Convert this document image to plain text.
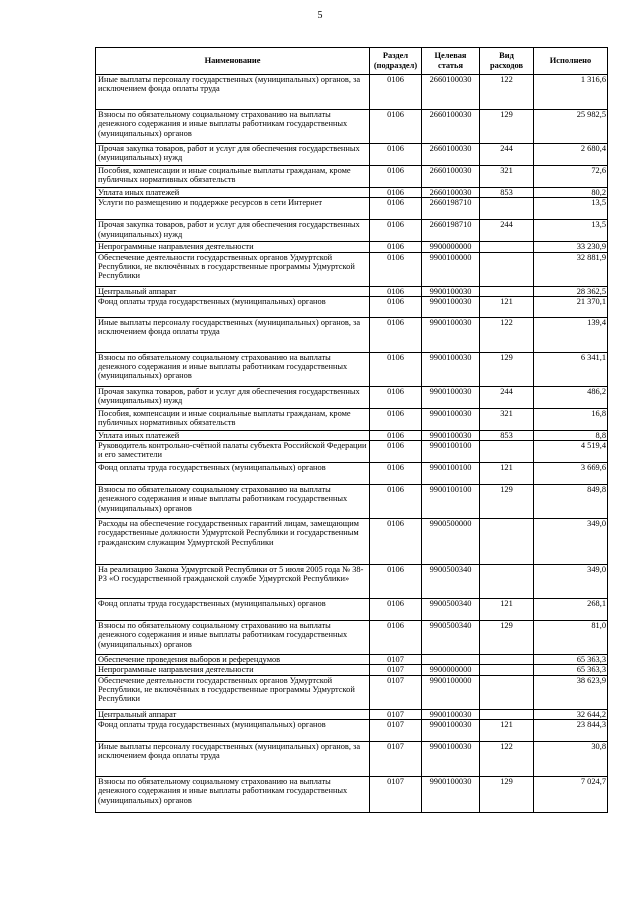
5
Наименование	Раздел (подраздел)	Целевая статья	Вид расходов	Исполнено
Иные выплаты персоналу государственных (муниципальных) органов, за исключением фонда оплаты труда	0106	2660100030	122	1 316,6
Взносы по обязательному социальному страхованию на выплаты денежного содержания и иные выплаты работникам государственных (муниципальных) органов	0106	2660100030	129	25 982,5
Прочая закупка товаров, работ и услуг для обеспечения государственных (муниципальных) нужд	0106	2660100030	244	2 680,4
Пособия, компенсации и иные социальные выплаты гражданам, кроме публичных нормативных обязательств	0106	2660100030	321	72,6
Уплата иных платежей	0106	2660100030	853	80,2
Услуги по размещению и поддержке ресурсов в сети Интернет	0106	2660198710		13,5
Прочая закупка товаров, работ и услуг для обеспечения государственных (муниципальных) нужд	0106	2660198710	244	13,5
Непрограммные направления деятельности	0106	9900000000		33 230,9
Обеспечение деятельности государственных органов Удмуртской Республики, не включённых в государственные программы Удмуртской Республики	0106	9900100000		32 881,9
Центральный аппарат	0106	9900100030		28 362,5
Фонд оплаты труда государственных (муниципальных) органов	0106	9900100030	121	21 370,1
Иные выплаты персоналу государственных (муниципальных) органов, за исключением фонда оплаты труда	0106	9900100030	122	139,4
Взносы по обязательному социальному страхованию на выплаты денежного содержания и иные выплаты работникам государственных (муниципальных) органов	0106	9900100030	129	6 341,1
Прочая закупка товаров, работ и услуг для обеспечения государственных (муниципальных) нужд	0106	9900100030	244	486,2
Пособия, компенсации и иные социальные выплаты гражданам, кроме публичных нормативных обязательств	0106	9900100030	321	16,8
Уплата иных платежей	0106	9900100030	853	8,8
Руководитель контрольно-счётной палаты субъекта Российской Федерации и его заместители	0106	9900100100		4 519,4
Фонд оплаты труда государственных (муниципальных) органов	0106	9900100100	121	3 669,6
Взносы по обязательному социальному страхованию на выплаты денежного содержания и иные выплаты работникам государственных (муниципальных) органов	0106	9900100100	129	849,8
Расходы на обеспечение государственных гарантий лицам, замещающим государственные должности Удмуртской Республики и государственным гражданским служащим Удмуртской Республики	0106	9900500000		349,0
На реализацию Закона Удмуртской Республики от 5 июля 2005 года № 38-РЗ «О государственной гражданской службе Удмуртской Республики»	0106	9900500340		349,0
Фонд оплаты труда государственных (муниципальных) органов	0106	9900500340	121	268,1
Взносы по обязательному социальному страхованию на выплаты денежного содержания и иные выплаты работникам государственных (муниципальных) органов	0106	9900500340	129	81,0
Обеспечение проведения выборов и референдумов	0107			65 363,3
Непрограммные направления деятельности	0107	9900000000		65 363,3
Обеспечение деятельности государственных органов Удмуртской Республики, не включённых в государственные программы Удмуртской Республики	0107	9900100000		38 623,9
Центральный аппарат	0107	9900100030		32 644,2
Фонд оплаты труда государственных (муниципальных) органов	0107	9900100030	121	23 844,3
Иные выплаты персоналу государственных (муниципальных) органов, за исключением фонда оплаты труда	0107	9900100030	122	30,8
Взносы по обязательному социальному страхованию на выплаты денежного содержания и иные выплаты работникам государственных (муниципальных) органов	0107	9900100030	129	7 024,7
